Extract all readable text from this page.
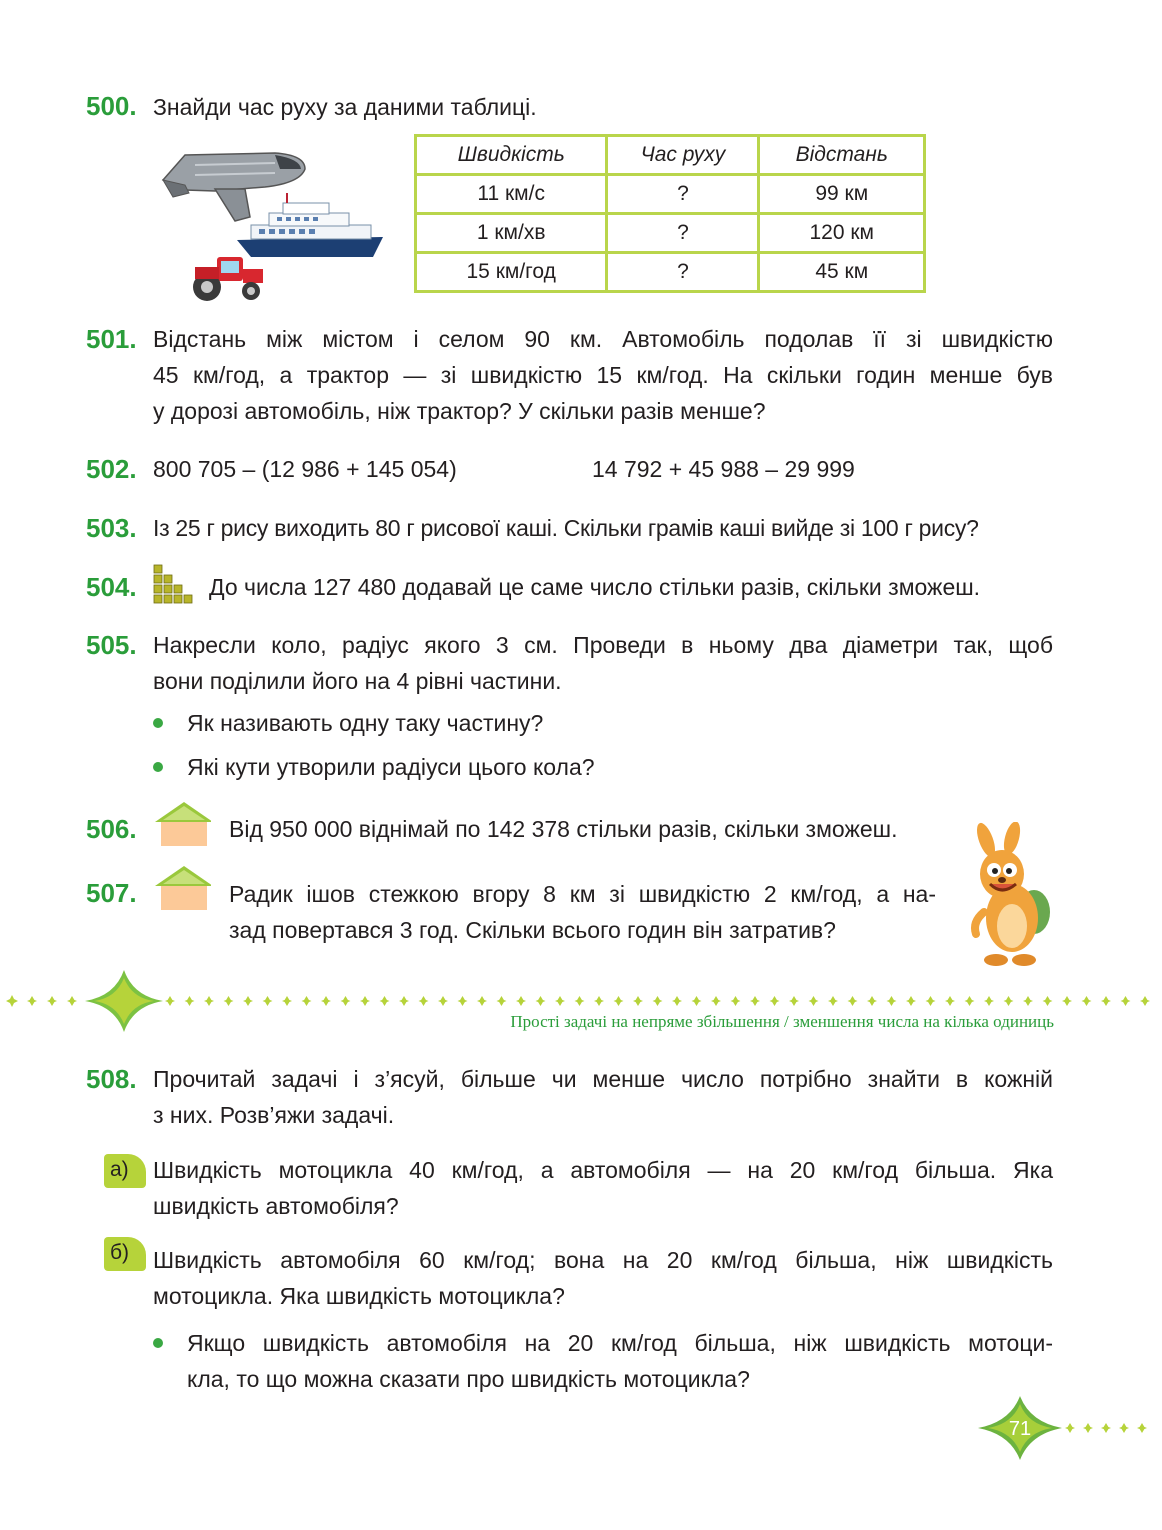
500. Знайди час руху за даними таблиці.
Швидкість	Час руху	Відстань
11 км/с	?	99 км
1 км/хв	?	120 км
15 км/год	?	45 км
501. Відстань між містом і селом 90 км. Автомобіль подолав її зі швидкістю
45 км/год, а трактор — зі швидкістю 15 км/год. На скільки годин менше був
у дорозі автомобіль, ніж трактор? У скільки разів менше?
502. 800 705 – (12 986 + 145 054)	14 792 + 45 988 – 29 999
503. Із 25 г рису виходить 80 г рисової каші. Скільки грамів каші вийде зі 100 г рису?
504.	До числа 127 480 додавай це саме число стільки разів, скільки зможеш.
505. Накресли коло, радіус якого 3 см. Проведи в ньому два діаметри так, щоб
вони поділили його на 4 рівні частини.
Як називають одну таку частину?
Які кути утворили радіуси цього кола?
506.	Від 950 000 віднімай по 142 378 стільки разів, скільки зможеш.
507.	Радик ішов стежкою вгору 8 км зі швидкістю 2 км/год, а на-
зад повертався 3 год. Скільки всього годин він затратив?
Прості задачі на непряме збільшення / зменшення числа на кілька одиниць
508. Прочитай задачі і з’ясуй, більше чи менше число потрібно знайти в кожній
з них. Розв’яжи задачі.
а)	Швидкість мотоцикла 40 км/год, а автомобіля — на 20 км/год більша. Яка
швидкість автомобіля?
б)	Швидкість автомобіля 60 км/год; вона на 20 км/год більша, ніж швидкість
мотоцикла. Яка швидкість мотоцикла?
Якщо швидкість автомобіля на 20 км/год більша, ніж швидкість мотоци-
кла, то що можна сказати про швидкість мотоцикла?
71
